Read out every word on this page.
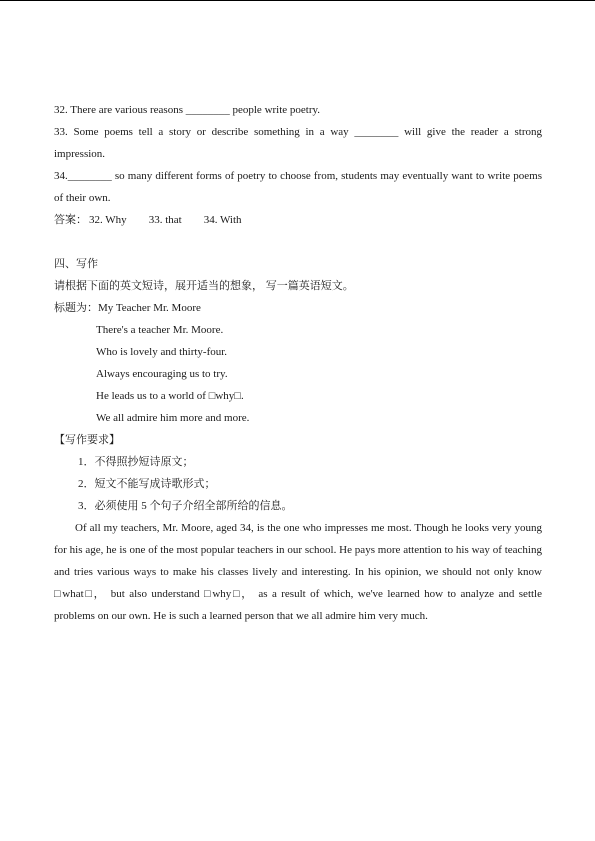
32. There are various reasons ________ people write poetry.
33. Some poems tell a story or describe something in a way ________ will give the reader a strong impression.
34.________ so many different forms of poetry to choose from, students may eventually want to write poems of their own.
答案： 32. Why 33. that 34. With
四、写作
请根据下面的英文短诗，展开适当的想象， 写一篇英语短文。
标题为：My Teacher Mr. Moore
There's a teacher Mr. Moore.
Who is lovely and thirty-four.
Always encouraging us to try.
He leads us to a world of □why□.
We all admire him more and more.
【写作要求】
1．不得照抄短诗原文；
2．短文不能写成诗歌形式；
3．必须使用 5 个句子介绍全部所给的信息。
Of all my teachers, Mr. Moore, aged 34, is the one who impresses me most. Though he looks very young for his age, he is one of the most popular teachers in our school. He pays more attention to his way of teaching and tries various ways to make his classes lively and interesting. In his opinion, we should not only know □what□， but also understand □why□， as a result of which, we've learned how to analyze and settle problems on our own. He is such a learned person that we all admire him very much.
